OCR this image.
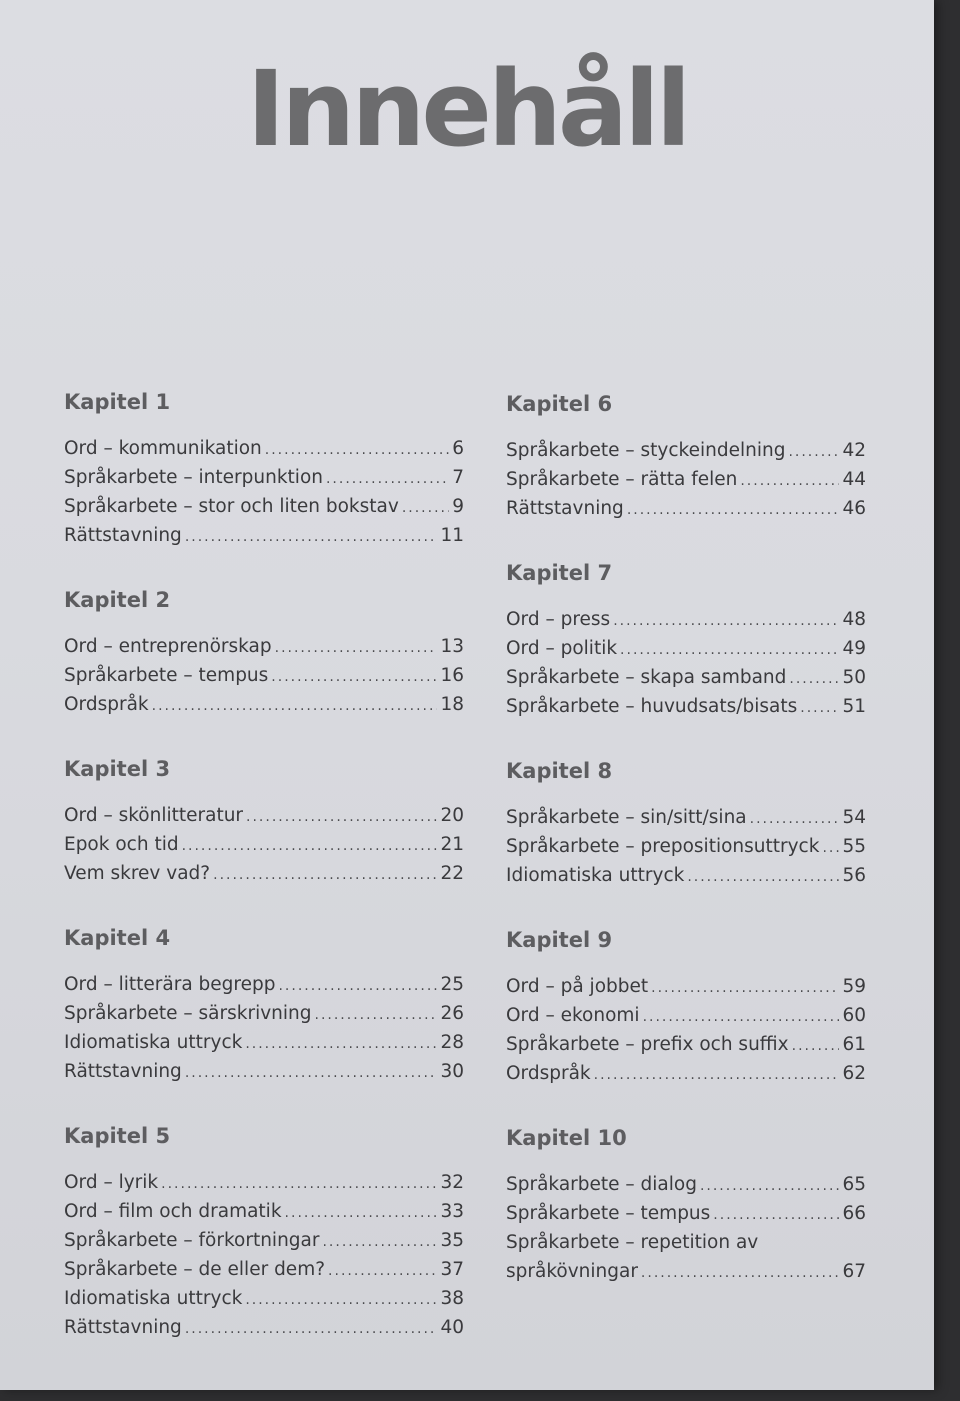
Innehåll
Kapitel 1
Ord – kommunikation .....	6
Språkarbete – interpunktion .....	7
Språkarbete – stor och liten bokstav .....	9
Rättstavning .....	11
Kapitel 2
Ord – entreprenörskap .....	13
Språkarbete – tempus .....	16
Ordspråk .....	18
Kapitel 3
Ord – skönlitteratur .....	20
Epok och tid .....	21
Vem skrev vad? .....	22
Kapitel 4
Ord – litterära begrepp .....	25
Språkarbete – särskrivning .....	26
Idiomatiska uttryck .....	28
Rättstavning .....	30
Kapitel 5
Ord – lyrik .....	32
Ord – film och dramatik .....	33
Språkarbete – förkortningar .....	35
Språkarbete – de eller dem? .....	37
Idiomatiska uttryck .....	38
Rättstavning .....	40
Kapitel 6
Språkarbete – styckeindelning .....	42
Språkarbete – rätta felen .....	44
Rättstavning .....	46
Kapitel 7
Ord – press .....	48
Ord – politik .....	49
Språkarbete – skapa samband .....	50
Språkarbete – huvudsats/bisats ..... 51
Kapitel 8
Språkarbete – sin/sitt/sina .....	54
Språkarbete – prepositionsuttryck ..... 55
Idiomatiska uttryck .....	56
Kapitel 9
Ord – på jobbet .....	59
Ord – ekonomi .....	60
Språkarbete – prefix och suffix .....	61
Ordspråk .....	62
Kapitel 10
Språkarbete – dialog .....	65
Språkarbete – tempus .....	66
Språkarbete – repetition av
språkövningar .....	67
